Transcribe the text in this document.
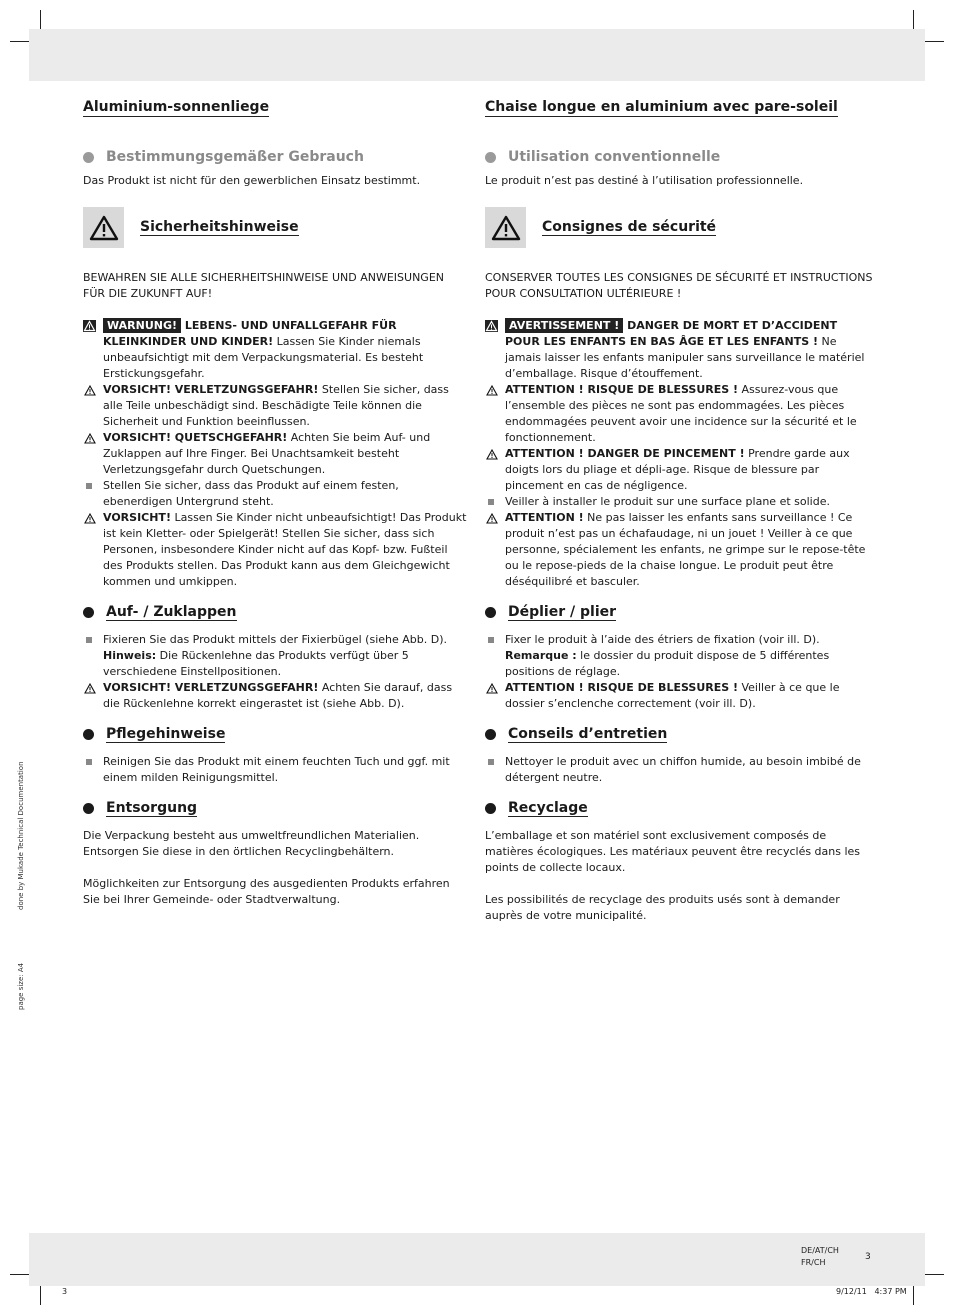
Aluminium-sonnenliege
Bestimmungsgemäßer Gebrauch

Das Produkt ist nicht für den gewerblichen Einsatz bestimmt.

Sicherheitshinweise

BEWAHREN SIE ALLE SICHERHEITSHINWEISE UND ANWEISUNGEN FÜR DIE ZUKUNFT AUF!

WARNUNG! LEBENS- UND UNFALLGEFAHR FÜR KLEINKINDER UND KINDER! Lassen Sie Kinder niemals unbeaufsichtigt mit dem Verpackungsmaterial. Es besteht Erstickungsgefahr.
VORSICHT! VERLETZUNGSGEFAHR! Stellen Sie sicher, dass alle Teile unbeschädigt sind. Beschädigte Teile können die Sicherheit und Funktion beeinflussen.
VORSICHT! QUETSCHGEFAHR! Achten Sie beim Auf- und Zuklappen auf Ihre Finger. Bei Unachtsamkeit besteht Verletzungsgefahr durch Quetschungen.
Stellen Sie sicher, dass das Produkt auf einem festen, ebenerdigen Untergrund steht.
VORSICHT! Lassen Sie Kinder nicht unbeaufsichtigt! Das Produkt ist kein Kletter- oder Spielgerät! Stellen Sie sicher, dass sich Personen, insbesondere Kinder nicht auf das Kopf- bzw. Fußteil des Produkts stellen. Das Produkt kann aus dem Gleichgewicht kommen und umkippen.
Auf- / Zuklappen
Fixieren Sie das Produkt mittels der Fixierbügel (siehe Abb. D).
Hinweis: Die Rückenlehne das Produkts verfügt über 5 verschiedene Einstellpositionen.
VORSICHT! VERLETZUNGSGEFAHR! Achten Sie darauf, dass die Rückenlehne korrekt eingerastet ist (siehe Abb. D).
Pflegehinweise
Reinigen Sie das Produkt mit einem feuchten Tuch und ggf. mit einem milden Reinigungsmittel.
Entsorgung

Die Verpackung besteht aus umweltfreundlichen Materialien. Entsorgen Sie diese in den örtlichen Recyclingbehältern.

Möglichkeiten zur Entsorgung des ausgedienten Produkts erfahren Sie bei Ihrer Gemeinde- oder Stadtverwaltung.

Chaise longue en aluminium avec pare-soleil
Utilisation conventionnelle

Le produit n’est pas destiné à l’utilisation professionnelle.

Consignes de sécurité

CONSERVER TOUTES LES CONSIGNES DE SÉCURITÉ ET INSTRUCTIONS POUR CONSULTATION ULTÉRIEURE !

AVERTISSEMENT ! DANGER DE MORT ET D’ACCIDENT POUR LES ENFANTS EN BAS ÂGE ET LES ENFANTS ! Ne jamais laisser les enfants manipuler sans surveillance le matériel d’emballage. Risque d’étouffement.
ATTENTION ! RISQUE DE BLESSURES ! Assurez-vous que l’ensemble des pièces ne sont pas endommagées. Les pièces endommagées peuvent avoir une incidence sur la sécurité et le fonctionnement.
ATTENTION ! DANGER DE PINCEMENT ! Prendre garde aux doigts lors du pliage et dépli-age. Risque de blessure par pincement en cas de négligence.
Veiller à installer le produit sur une surface plane et solide.
ATTENTION ! Ne pas laisser les enfants sans surveillance ! Ce produit n’est pas un échafaudage, ni un jouet ! Veiller à ce que personne, spécialement les enfants, ne grimpe sur le repose-tête ou le repose-pieds de la chaise longue. Le produit peut être déséquilibré et basculer.
Déplier / plier
Fixer le produit à l’aide des étriers de fixation (voir ill. D).
Remarque : le dossier du produit dispose de 5 différentes positions de réglage.
ATTENTION ! RISQUE DE BLESSURES ! Veiller à ce que le dossier s’enclenche correctement (voir ill. D).
Conseils d’entretien
Nettoyer le produit avec un chiffon humide, au besoin imbibé de détergent neutre.
Recyclage

L’emballage et son matériel sont exclusivement composés de matières écologiques. Les matériaux peuvent être recyclés dans les points de collecte locaux.

Les possibilités de recyclage des produits usés sont à demander auprès de votre municipalité.

done by Mukade Technical Documentation
page size: A4
DE/AT/CH
FR/CH
3
3	9/12/11   4:37 PM
